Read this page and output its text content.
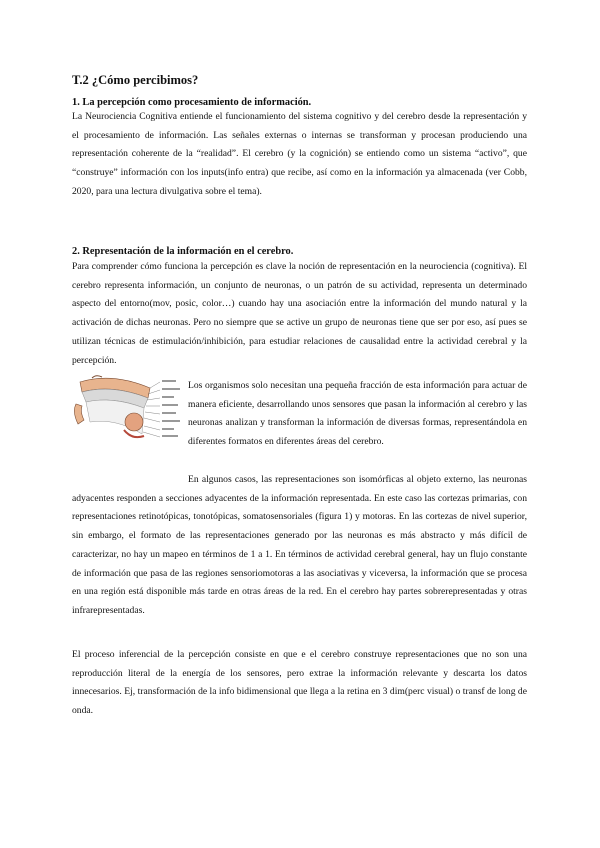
T.2 ¿Cómo percibimos?
1. La percepción como procesamiento de información.

La Neurociencia Cognitiva entiende el funcionamiento del sistema cognitivo y del cerebro desde la representación y el procesamiento de información. Las señales externas o internas se transforman y procesan produciendo una representación coherente de la “realidad”. El cerebro (y la cognición) se entiendo como un sistema “activo”, que “construye” información con los inputs(info entra) que recibe, así como en la información ya almacenada (ver Cobb, 2020, para una lectura divulgativa sobre el tema).

2. Representación de la información en el cerebro.

Para comprender cómo funciona la percepción es clave la noción de representación en la neurociencia (cognitiva). El cerebro representa información, un conjunto de neuronas, o un patrón de su actividad, representa un determinado aspecto del entorno(mov, posic, color…) cuando hay una asociación entre la información del mundo natural y la activación de dichas neuronas. Pero no siempre que se active un grupo de neuronas tiene que ser por eso, así pues se utilizan técnicas de estimulación/inhibición, para estudiar relaciones de causalidad entre la actividad cerebral y la percepción.

Los organismos solo necesitan una pequeña fracción de esta información para actuar de manera eficiente, desarrollando unos sensores que pasan la información al cerebro y las neuronas analizan y transforman la información de diversas formas, representándola en diferentes formatos en diferentes áreas del cerebro.

En algunos casos, las representaciones son isomórficas al objeto externo, las neuronas adyacentes responden a secciones adyacentes de la información representada. En este caso las cortezas primarias, con representaciones retinotópicas, tonotópicas, somatosensoriales (figura 1) y motoras. En las cortezas de nivel superior, sin embargo, el formato de las representaciones generado por las neuronas es más abstracto y más difícil de caracterizar, no hay un mapeo en términos de 1 a 1. En términos de actividad cerebral general, hay un flujo constante de información que pasa de las regiones sensoriomotoras a las asociativas y viceversa, la información que se procesa en una región está disponible más tarde en otras áreas de la red. En el cerebro hay partes sobrerepresentadas y otras infrarepresentadas.

El proceso inferencial de la percepción consiste en que e el cerebro construye representaciones que no son una reproducción literal de la energía de los sensores, pero extrae la información relevante y descarta los datos innecesarios. Ej, transformación de la info bidimensional que llega a la retina en 3 dim(perc visual) o transf de long de onda.
